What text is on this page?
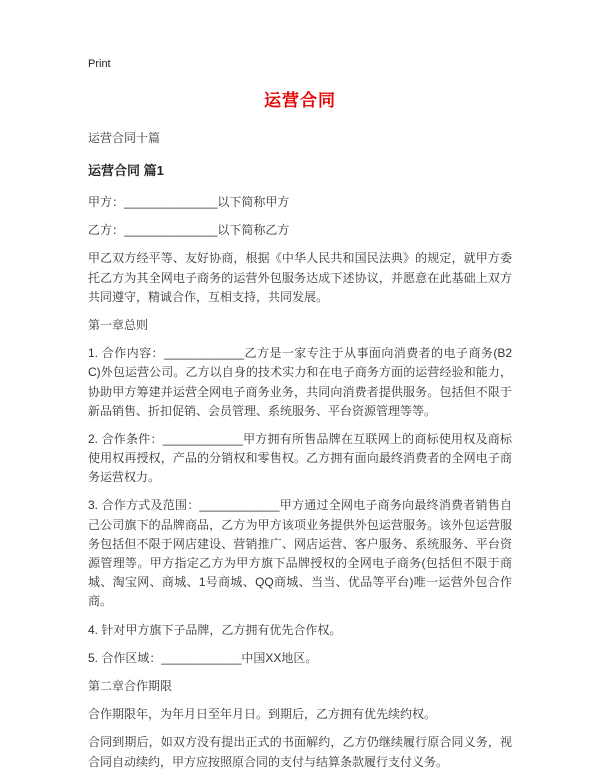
Print
运营合同

运营合同十篇

运营合同 篇1

甲方：______________以下简称甲方

乙方：______________以下简称乙方

甲乙双方经平等、友好协商，根据《中华人民共和国民法典》的规定，就甲方委托乙方为其全网电子商务的运营外包服务达成下述协议，并愿意在此基础上双方共同遵守，精诚合作，互相支持，共同发展。

第一章总则

1. 合作内容：____________乙方是一家专注于从事面向消费者的电子商务(B2C)外包运营公司。乙方以自身的技术实力和在电子商务方面的运营经验和能力，协助甲方筹建并运营全网电子商务业务，共同向消费者提供服务。包括但不限于新品销售、折扣促销、会员管理、系统服务、平台资源管理等等。

2. 合作条件：____________甲方拥有所售品牌在互联网上的商标使用权及商标使用权再授权，产品的分销权和零售权。乙方拥有面向最终消费者的全网电子商务运营权力。

3. 合作方式及范围：____________甲方通过全网电子商务向最终消费者销售自己公司旗下的品牌商品，乙方为甲方该项业务提供外包运营服务。该外包运营服务包括但不限于网店建设、营销推广、网店运营、客户服务、系统服务、平台资源管理等。甲方指定乙方为甲方旗下品牌授权的全网电子商务(包括但不限于商城、淘宝网、商城、1号商城、QQ商城、当当、优品等平台)唯一运营外包合作商。

4. 针对甲方旗下子品牌，乙方拥有优先合作权。

5. 合作区域：____________中国XX地区。

第二章合作期限

合作期限年，为年月日至年月日。到期后，乙方拥有优先续约权。

合同到期后，如双方没有提出正式的书面解约，乙方仍继续履行原合同义务，视合同自动续约，甲方应按照原合同的支付与结算条款履行支付义务。
